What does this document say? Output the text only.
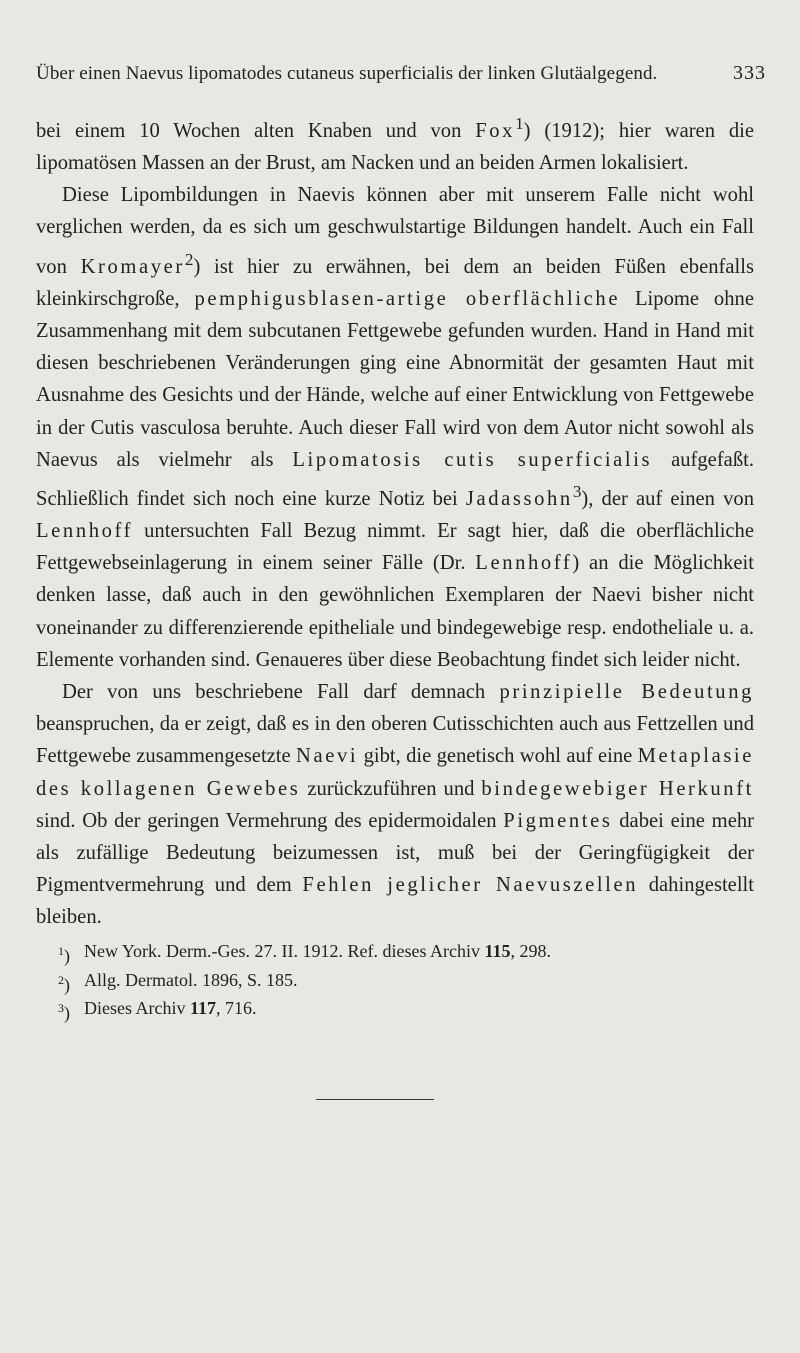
Über einen Naevus lipomatodes cutaneus superficialis der linken Glutäalgegend.	333

bei einem 10 Wochen alten Knaben und von Fox$^1$) (1912); hier waren die lipomatösen Massen an der Brust, am Nacken und an beiden Armen lokalisiert.

Diese Lipombildungen in Naevis können aber mit unserem Falle nicht wohl verglichen werden, da es sich um geschwulstartige Bildungen handelt. Auch ein Fall von Kromayer$^2$) ist hier zu erwähnen, bei dem an beiden Füßen ebenfalls kleinkirschgroße, pemphigusblasen-artige oberflächliche Lipome ohne Zusammenhang mit dem subcutanen Fettgewebe gefunden wurden. Hand in Hand mit diesen beschriebenen Veränderungen ging eine Abnormität der gesamten Haut mit Ausnahme des Gesichts und der Hände, welche auf einer Entwicklung von Fettgewebe in der Cutis vasculosa beruhte. Auch dieser Fall wird von dem Autor nicht sowohl als Naevus als vielmehr als Lipomatosis cutis superficialis aufgefaßt. Schließlich findet sich noch eine kurze Notiz bei Jadassohn$^3$), der auf einen von Lennhoff untersuchten Fall Bezug nimmt. Er sagt hier, daß die oberflächliche Fettgewebseinlagerung in einem seiner Fälle (Dr. Lennhoff) an die Möglichkeit denken lasse, daß auch in den gewöhnlichen Exemplaren der Naevi bisher nicht voneinander zu differenzierende epitheliale und bindegewebige resp. endotheliale u. a. Elemente vorhanden sind. Genaueres über diese Beobachtung findet sich leider nicht.

Der von uns beschriebene Fall darf demnach prinzipielle Bedeutung beanspruchen, da er zeigt, daß es in den oberen Cutisschichten auch aus Fettzellen und Fettgewebe zusammengesetzte Naevi gibt, die genetisch wohl auf eine Metaplasie des kollagenen Gewebes zurückzuführen und bindegewebiger Herkunft sind. Ob der geringen Vermehrung des epidermoidalen Pigmentes dabei eine mehr als zufällige Bedeutung beizumessen ist, muß bei der Geringfügigkeit der Pigmentvermehrung und dem Fehlen jeglicher Naevuszellen dahingestellt bleiben.

$^1$) New York. Derm.-Ges. 27. II. 1912. Ref. dieses Archiv 115, 298.
$^2$) Allg. Dermatol. 1896, S. 185.
$^3$) Dieses Archiv 117, 716.
